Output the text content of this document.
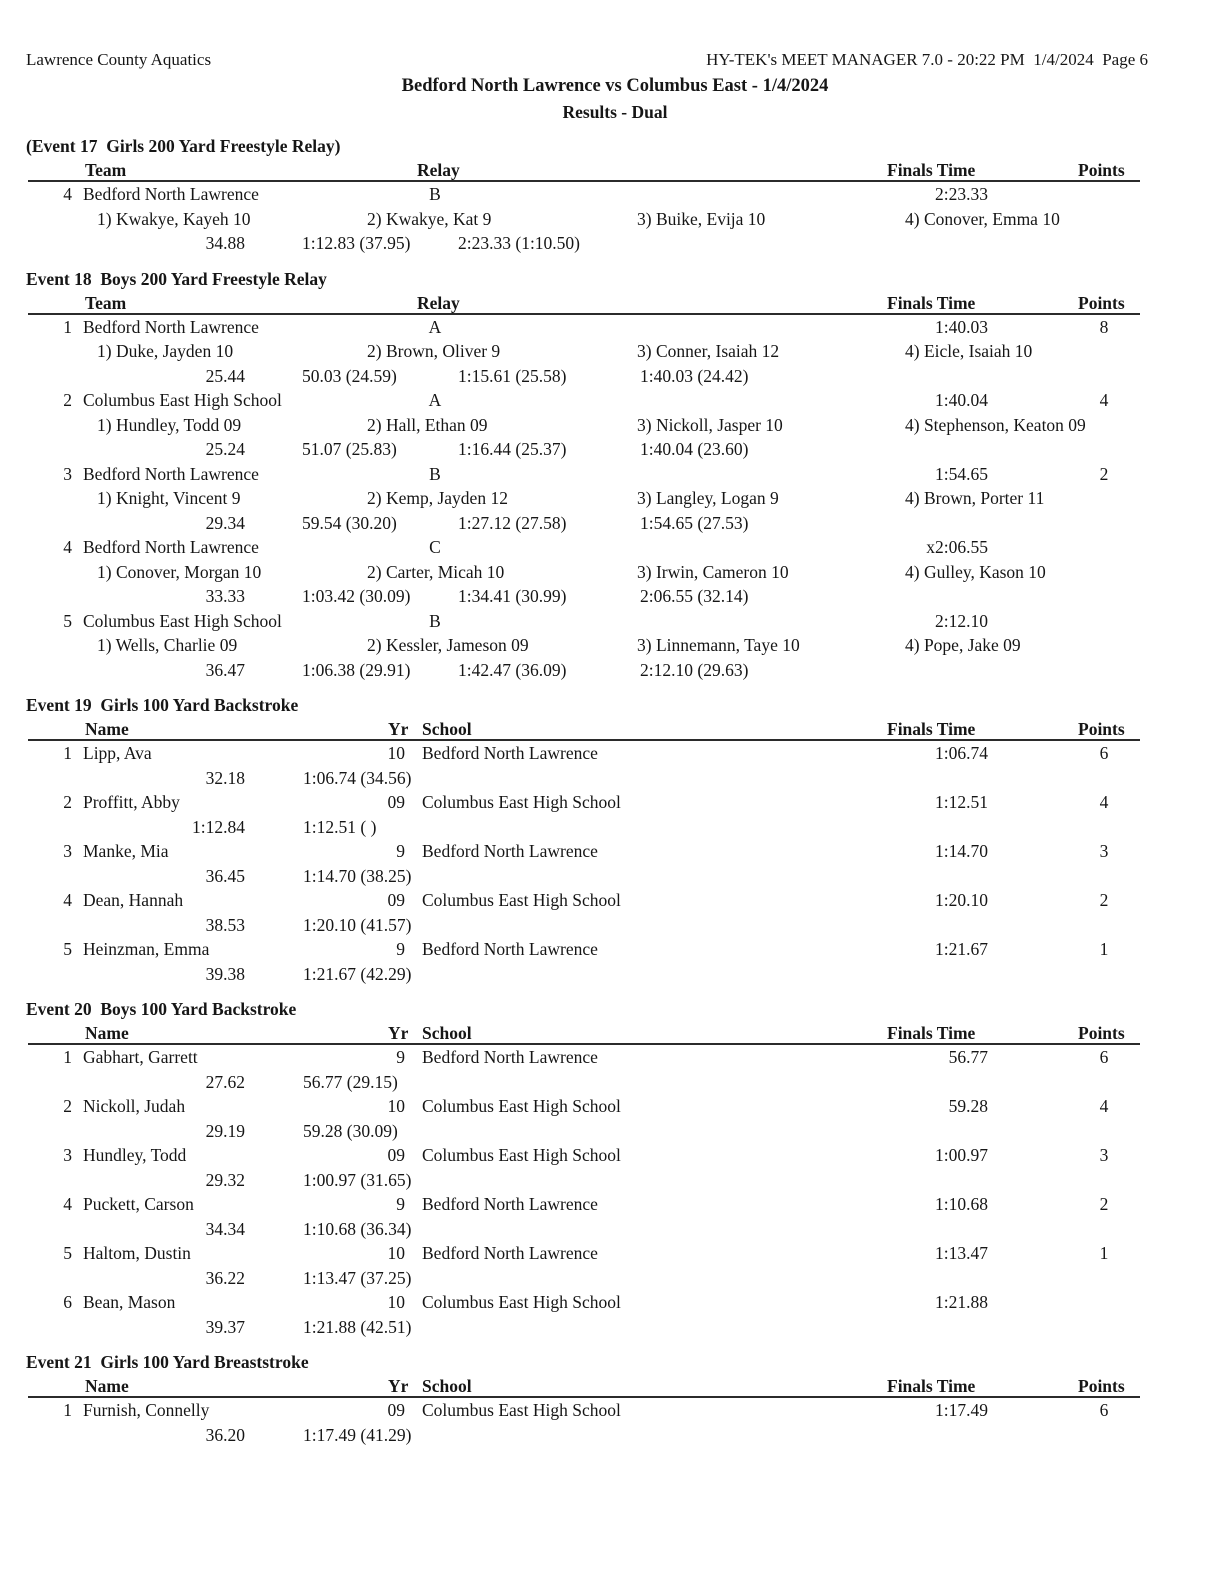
Lawrence County Aquatics	HY-TEK's MEET MANAGER 7.0 - 20:22 PM  1/4/2024  Page 6
Bedford North Lawrence vs Columbus East - 1/4/2024
Results - Dual
(Event 17  Girls 200 Yard Freestyle Relay)
Team	Relay	Finals Time	Points
4 Bedford North Lawrence	B	2:23.33
1) Kwakye, Kayeh 10	2) Kwakye, Kat 9	3) Buike, Evija 10	4) Conover, Emma 10
34.88	1:12.83 (37.95)	2:23.33 (1:10.50)
Event 18  Boys 200 Yard Freestyle Relay
Team	Relay	Finals Time	Points
1 Bedford North Lawrence	A	1:40.03	8
1) Duke, Jayden 10	2) Brown, Oliver 9	3) Conner, Isaiah 12	4) Eicle, Isaiah 10
25.44	50.03 (24.59)	1:15.61 (25.58)	1:40.03 (24.42)
2 Columbus East High School	A	1:40.04	4
1) Hundley, Todd 09	2) Hall, Ethan 09	3) Nickoll, Jasper 10	4) Stephenson, Keaton 09
25.24	51.07 (25.83)	1:16.44 (25.37)	1:40.04 (23.60)
3 Bedford North Lawrence	B	1:54.65	2
1) Knight, Vincent 9	2) Kemp, Jayden 12	3) Langley, Logan 9	4) Brown, Porter 11
29.34	59.54 (30.20)	1:27.12 (27.58)	1:54.65 (27.53)
4 Bedford North Lawrence	C	x2:06.55
1) Conover, Morgan 10	2) Carter, Micah 10	3) Irwin, Cameron 10	4) Gulley, Kason 10
33.33	1:03.42 (30.09)	1:34.41 (30.99)	2:06.55 (32.14)
5 Columbus East High School	B	2:12.10
1) Wells, Charlie 09	2) Kessler, Jameson 09	3) Linnemann, Taye 10	4) Pope, Jake 09
36.47	1:06.38 (29.91)	1:42.47 (36.09)	2:12.10 (29.63)
Event 19  Girls 100 Yard Backstroke
Name	Yr School	Finals Time	Points
1 Lipp, Ava	10 Bedford North Lawrence	1:06.74	6
32.18	1:06.74 (34.56)
2 Proffitt, Abby	09 Columbus East High School	1:12.51	4
1:12.84	1:12.51 ( )
3 Manke, Mia	9 Bedford North Lawrence	1:14.70	3
36.45	1:14.70 (38.25)
4 Dean, Hannah	09 Columbus East High School	1:20.10	2
38.53	1:20.10 (41.57)
5 Heinzman, Emma	9 Bedford North Lawrence	1:21.67	1
39.38	1:21.67 (42.29)
Event 20  Boys 100 Yard Backstroke
Name	Yr School	Finals Time	Points
1 Gabhart, Garrett	9 Bedford North Lawrence	56.77	6
27.62	56.77 (29.15)
2 Nickoll, Judah	10 Columbus East High School	59.28	4
29.19	59.28 (30.09)
3 Hundley, Todd	09 Columbus East High School	1:00.97	3
29.32	1:00.97 (31.65)
4 Puckett, Carson	9 Bedford North Lawrence	1:10.68	2
34.34	1:10.68 (36.34)
5 Haltom, Dustin	10 Bedford North Lawrence	1:13.47	1
36.22	1:13.47 (37.25)
6 Bean, Mason	10 Columbus East High School	1:21.88
39.37	1:21.88 (42.51)
Event 21  Girls 100 Yard Breaststroke
Name	Yr School	Finals Time	Points
1 Furnish, Connelly	09 Columbus East High School	1:17.49	6
36.20	1:17.49 (41.29)
